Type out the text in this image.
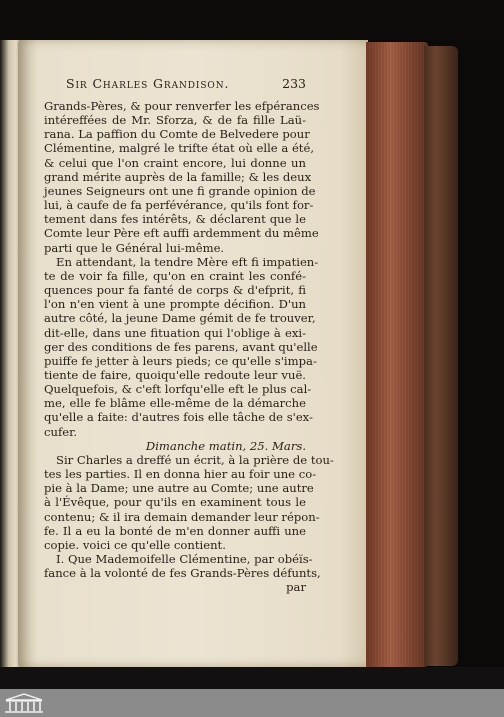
Sir Charles Grandison.	233
Grands-Pères, & pour renverfer les efpérances
intéreffées de Mr. Sforza, & de fa fille Laü-
rana. La paffion du Comte de Belvedere pour
Clémentine, malgré le trifte état où elle a été,
& celui que l'on craint encore, lui donne un
grand mérite auprès de la famille; & les deux
jeunes Seigneurs ont une fi grande opinion de
lui, à caufe de fa perfévérance, qu'ils font for-
tement dans fes intérêts, & déclarent que le
Comte leur Père eft auffi ardemment du même
parti que le Général lui-même.
En attendant, la tendre Mère eft fi impatien-
te de voir fa fille, qu'on en craint les confé-
quences pour fa fanté de corps & d'efprit, fi
l'on n'en vient à une prompte décifion. D'un
autre côté, la jeune Dame gémit de fe trouver,
dit-elle, dans une fituation qui l'oblige à exi-
ger des conditions de fes parens, avant qu'elle
puiffe fe jetter à leurs pieds; ce qu'elle s'impa-
tiente de faire, quoiqu'elle redoute leur vuë.
Quelquefois, & c'eft lorfqu'elle eft le plus cal-
me, elle fe blâme elle-même de la démarche
qu'elle a faite: d'autres fois elle tâche de s'ex-
cufer.
Dimanche matin, 25. Mars.
Sir Charles a dreffé un écrit, à la prière de tou-
tes les parties. Il en donna hier au foir une co-
pie à la Dame; une autre au Comte; une autre
à l'Évêque, pour qu'ils en examinent tous le
contenu; & il ira demain demander leur répon-
fe. Il a eu la bonté de m'en donner auffi une
copie. voici ce qu'elle contient.
I. Que Mademoifelle Clémentine, par obéïs-
fance à la volonté de fes Grands-Pères défunts,
par
